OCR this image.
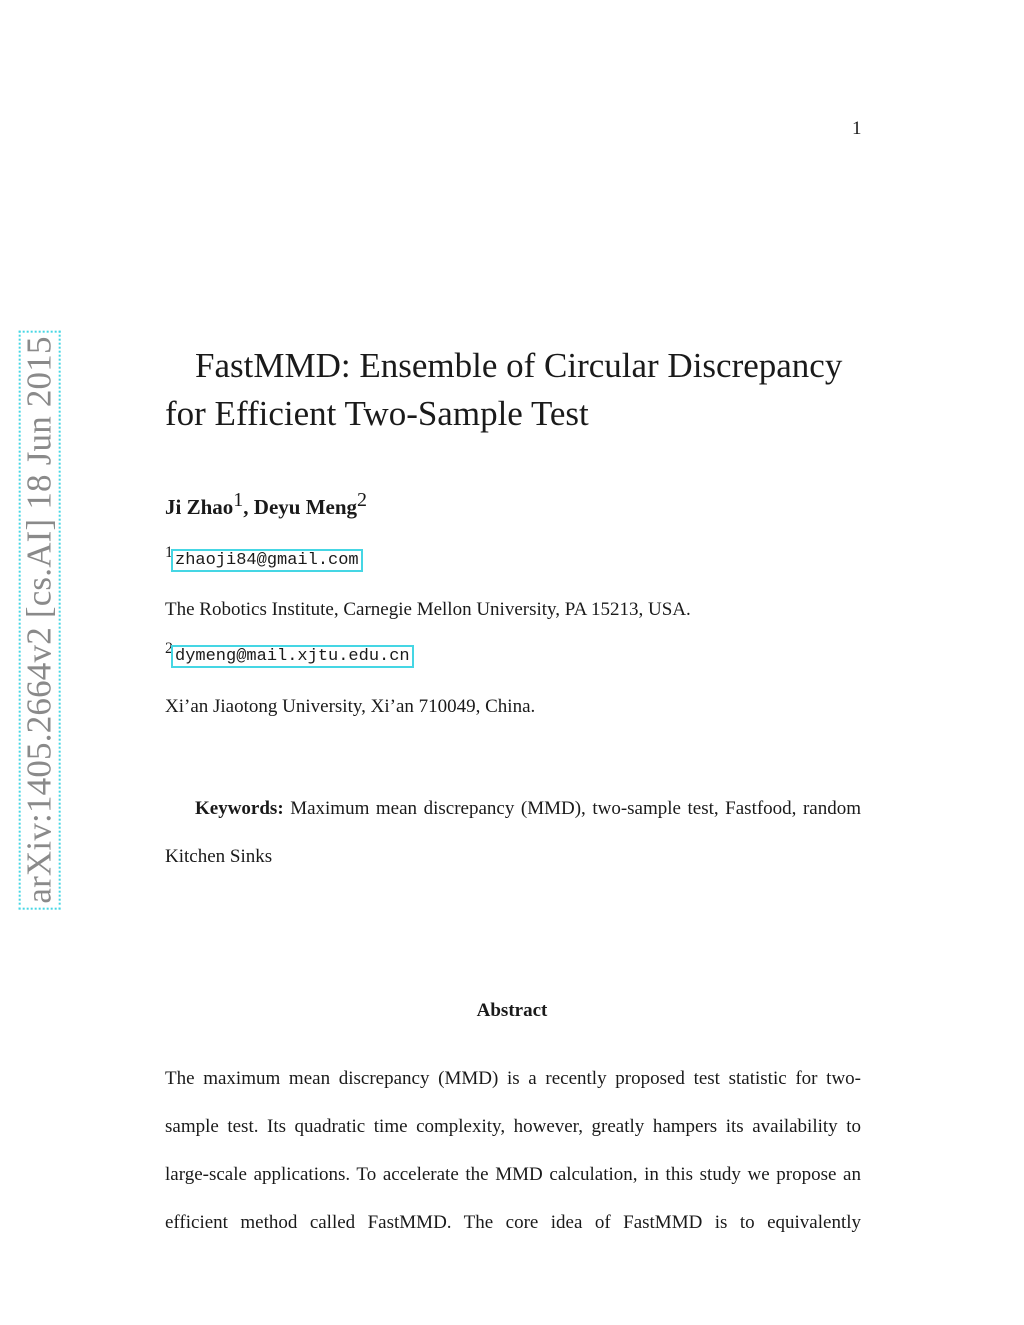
1
arXiv:1405.2664v2 [cs.AI] 18 Jun 2015	FastMMD: Ensemble of Circular Discrepancy for Efficient Two-Sample Test
Ji Zhao$^1$, Deyu Meng$^2$
$^1$ zhaoji84@gmail.com
The Robotics Institute, Carnegie Mellon University, PA 15213, USA.
$^2$ dymeng@mail.xjtu.edu.cn
Xi’an Jiaotong University, Xi’an 710049, China.
Keywords: Maximum mean discrepancy (MMD), two-sample test, Fastfood, random Kitchen Sinks
Abstract
The maximum mean discrepancy (MMD) is a recently proposed test statistic for two-sample test. Its quadratic time complexity, however, greatly hampers its availability to large-scale applications. To accelerate the MMD calculation, in this study we propose an efficient method called FastMMD. The core idea of FastMMD is to equivalently
